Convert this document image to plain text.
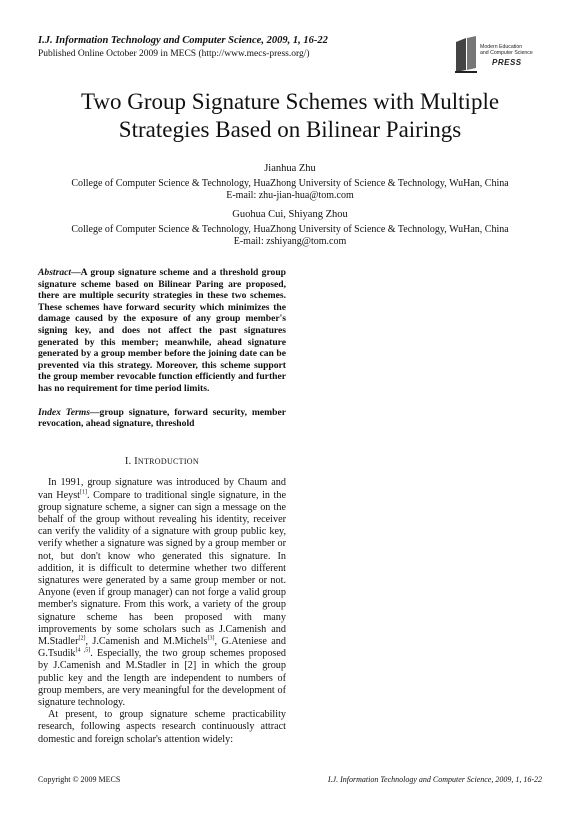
I.J. Information Technology and Computer Science, 2009, 1, 16-22
Published Online October 2009 in MECS (http://www.mecs-press.org/)
Modern Education
and Computer Science
PRESS
Two Group Signature Schemes with Multiple
Strategies Based on Bilinear Pairings
Jianhua Zhu
College of Computer Science & Technology, HuaZhong University of Science & Technology, WuHan, China
E-mail: zhu-jian-hua@tom.com
Guohua Cui, Shiyang Zhou
College of Computer Science & Technology, HuaZhong University of Science & Technology, WuHan, China
E-mail: zshiyang@tom.com
Abstract—A group signature scheme and a threshold group signature scheme based on Bilinear Paring are proposed, there are multiple security strategies in these two schemes. These schemes have forward security which minimizes the damage caused by the exposure of any group member's signing key, and does not affect the past signatures generated by this member; meanwhile, ahead signature generated by a group member before the joining date can be prevented via this strategy. Moreover, this scheme support the group member revocable function efficiently and further has no requirement for time period limits.
Index Terms—group signature, forward security, member revocation, ahead signature, threshold
I. INTRODUCTION
In 1991, group signature was introduced by Chaum and van Heyst[1]. Compare to traditional single signature, in the group signature scheme, a signer can sign a message on the behalf of the group without revealing his identity, receiver can verify the validity of a signature with group public key, verify whether a signature was signed by a group member or not, but don't know who generated this signature. In addition, it is difficult to determine whether two different signatures were generated by a same group member or not. Anyone (even if group manager) can not forge a valid group member's signature. From this work, a variety of the group signature scheme has been proposed with many improvements by some scholars such as J.Camenish and M.Stadler[2], J.Camenish and M.Michels[3], G.Ateniese and G.Tsudik[4 ,5]. Especially, the two group schemes proposed by J.Camenish and M.Stadler in [2] in which the group public key and the length are independent to numbers of group members, are very meaningful for the development of signature technology.
At present, to group signature scheme practicability research, following aspects research continuously attract domestic and foreign scholar's attention widely:
Copyright © 2009 MECS	I.J. Information Technology and Computer Science, 2009, 1, 16-22
